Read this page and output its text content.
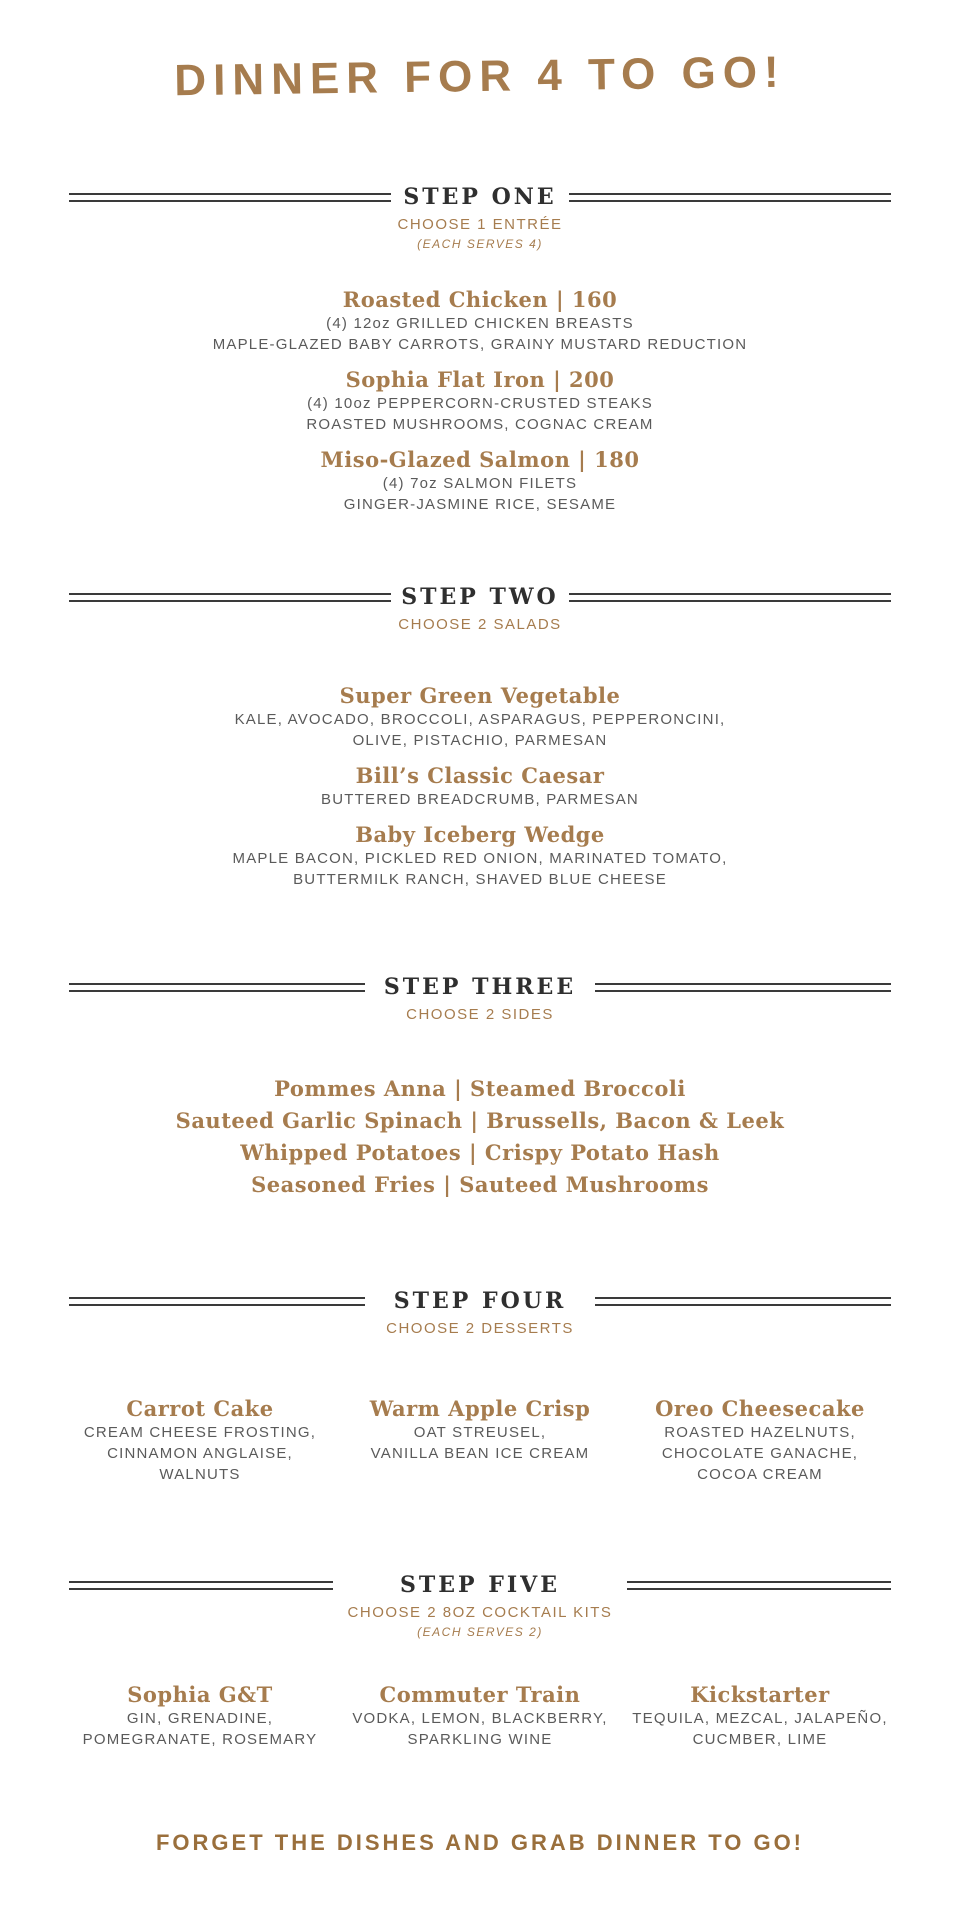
DINNER FOR 4 TO GO!
STEP ONE
CHOOSE 1 ENTRÉE
(EACH SERVES 4)
Roasted Chicken | 160
(4) 12oz GRILLED CHICKEN BREASTS
MAPLE-GLAZED BABY CARROTS, GRAINY MUSTARD REDUCTION
Sophia Flat Iron | 200
(4) 10oz PEPPERCORN-CRUSTED STEAKS
ROASTED MUSHROOMS, COGNAC CREAM
Miso-Glazed Salmon | 180
(4) 7oz SALMON FILETS
GINGER-JASMINE RICE, SESAME
STEP TWO
CHOOSE 2 SALADS
Super Green Vegetable
KALE, AVOCADO, BROCCOLI, ASPARAGUS, PEPPERONCINI,
OLIVE, PISTACHIO, PARMESAN
Bill’s Classic Caesar
BUTTERED BREADCRUMB, PARMESAN
Baby Iceberg Wedge
MAPLE BACON, PICKLED RED ONION, MARINATED TOMATO,
BUTTERMILK RANCH, SHAVED BLUE CHEESE
STEP THREE
CHOOSE 2 SIDES
Pommes Anna | Steamed Broccoli
Sauteed Garlic Spinach | Brussells, Bacon & Leek
Whipped Potatoes | Crispy Potato Hash
Seasoned Fries | Sauteed Mushrooms
STEP FOUR
CHOOSE 2 DESSERTS
Carrot Cake
CREAM CHEESE FROSTING,
CINNAMON ANGLAISE,
WALNUTS
Warm Apple Crisp
OAT STREUSEL,
VANILLA BEAN ICE CREAM
Oreo Cheesecake
ROASTED HAZELNUTS,
CHOCOLATE GANACHE,
COCOA CREAM
STEP FIVE
CHOOSE 2 8OZ COCKTAIL KITS
(EACH SERVES 2)
Sophia G&T
GIN, GRENADINE,
POMEGRANATE, ROSEMARY
Commuter Train
VODKA, LEMON, BLACKBERRY,
SPARKLING WINE
Kickstarter
TEQUILA, MEZCAL, JALAPEÑO,
CUCMBER, LIME
FORGET THE DISHES AND GRAB DINNER TO GO!
